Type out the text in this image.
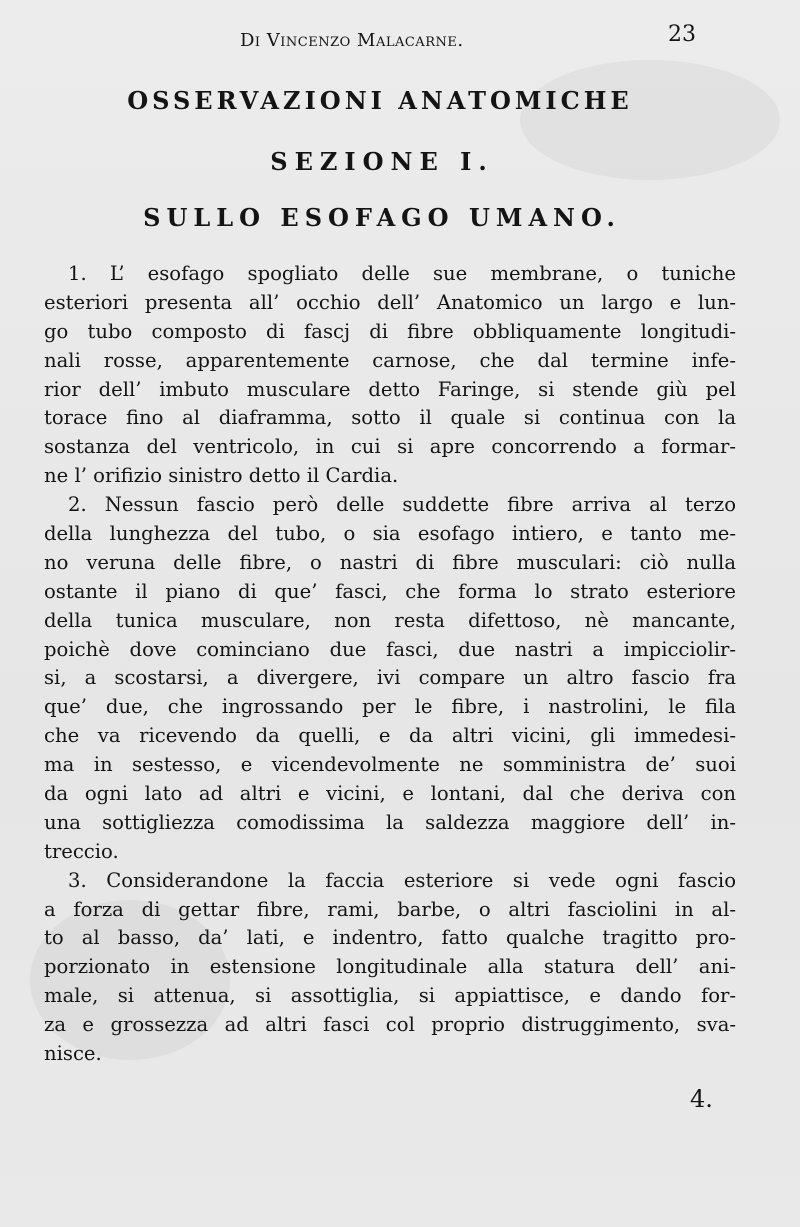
Di Vincenzo Malacarne.	23
OSSERVAZIONI ANATOMICHE
SEZIONE I.
SULLO ESOFAGO UMANO.
1. L’ esofago spogliato delle sue membrane, o tuniche
esteriori presenta all’ occhio dell’ Anatomico un largo e lun-
go tubo composto di fascj di fibre obbliquamente longitudi-
nali rosse, apparentemente carnose, che dal termine infe-
rior dell’ imbuto musculare detto Faringe, si stende giù pel
torace fino al diaframma, sotto il quale si continua con la
sostanza del ventricolo, in cui si apre concorrendo a formar-
ne l’ orifizio sinistro detto il Cardia.
2. Nessun fascio però delle suddette fibre arriva al terzo
della lunghezza del tubo, o sia esofago intiero, e tanto me-
no veruna delle fibre, o nastri di fibre musculari: ciò nulla
ostante il piano di que’ fasci, che forma lo strato esteriore
della tunica musculare, non resta difettoso, nè mancante,
poichè dove cominciano due fasci, due nastri a impicciolir-
si, a scostarsi, a divergere, ivi compare un altro fascio fra
que’ due, che ingrossando per le fibre, i nastrolini, le fila
che va ricevendo da quelli, e da altri vicini, gli immedesi-
ma in sestesso, e vicendevolmente ne somministra de’ suoi
da ogni lato ad altri e vicini, e lontani, dal che deriva con
una sottigliezza comodissima la saldezza maggiore dell’ in-
treccio.
3. Considerandone la faccia esteriore si vede ogni fascio
a forza di gettar fibre, rami, barbe, o altri fasciolini in al-
to al basso, da’ lati, e indentro, fatto qualche tragitto pro-
porzionato in estensione longitudinale alla statura dell’ ani-
male, si attenua, si assottiglia, si appiattisce, e dando for-
za e grossezza ad altri fasci col proprio distruggimento, sva-
nisce.
4.
